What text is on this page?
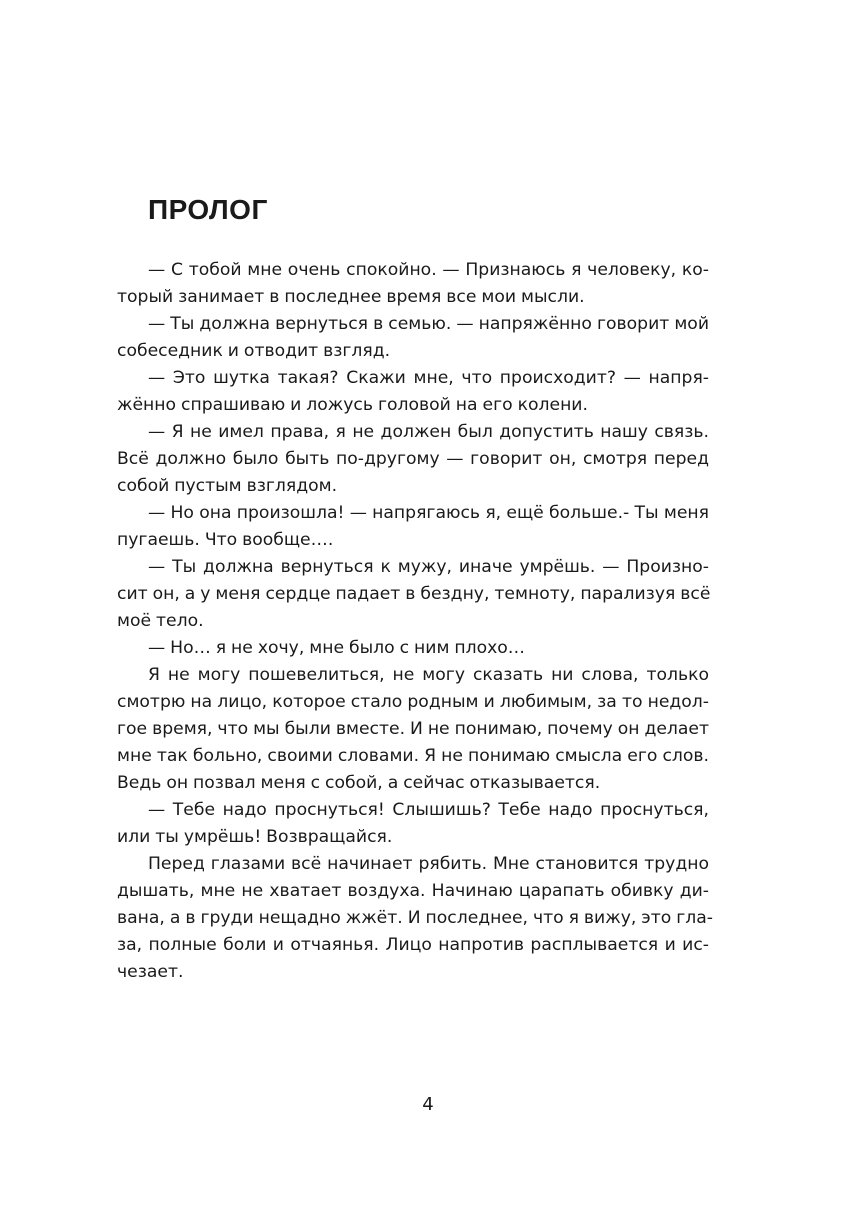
ПРОЛОГ
— С тобой мне очень спокойно. — Признаюсь я человеку, ко-
торый занимает в последнее время все мои мысли.
— Ты должна вернуться в семью. — напряжённо говорит мой
собеседник и отводит взгляд.
— Это шутка такая? Скажи мне, что происходит? — напря-
жённо спрашиваю и ложусь головой на его колени.
— Я не имел права, я не должен был допустить нашу связь.
Всё должно было быть по-другому — говорит он, смотря перед
собой пустым взглядом.
— Но она произошла! — напрягаюсь я, ещё больше.- Ты меня
пугаешь. Что вообще….
— Ты должна вернуться к мужу, иначе умрёшь. — Произно-
сит он, а у меня сердце падает в бездну, темноту, парализуя всё
моё тело.
— Но… я не хочу, мне было с ним плохо…
Я не могу пошевелиться, не могу сказать ни слова, только
смотрю на лицо, которое стало родным и любимым, за то недол-
гое время, что мы были вместе. И не понимаю, почему он делает
мне так больно, своими словами. Я не понимаю смысла его слов.
Ведь он позвал меня с собой, а сейчас отказывается.
— Тебе надо проснуться! Слышишь? Тебе надо проснуться,
или ты умрёшь! Возвращайся.
Перед глазами всё начинает рябить. Мне становится трудно
дышать, мне не хватает воздуха. Начинаю царапать обивку ди-
вана, а в груди нещадно жжёт. И последнее, что я вижу, это гла-
за, полные боли и отчаянья. Лицо напротив расплывается и ис-
чезает.
4
